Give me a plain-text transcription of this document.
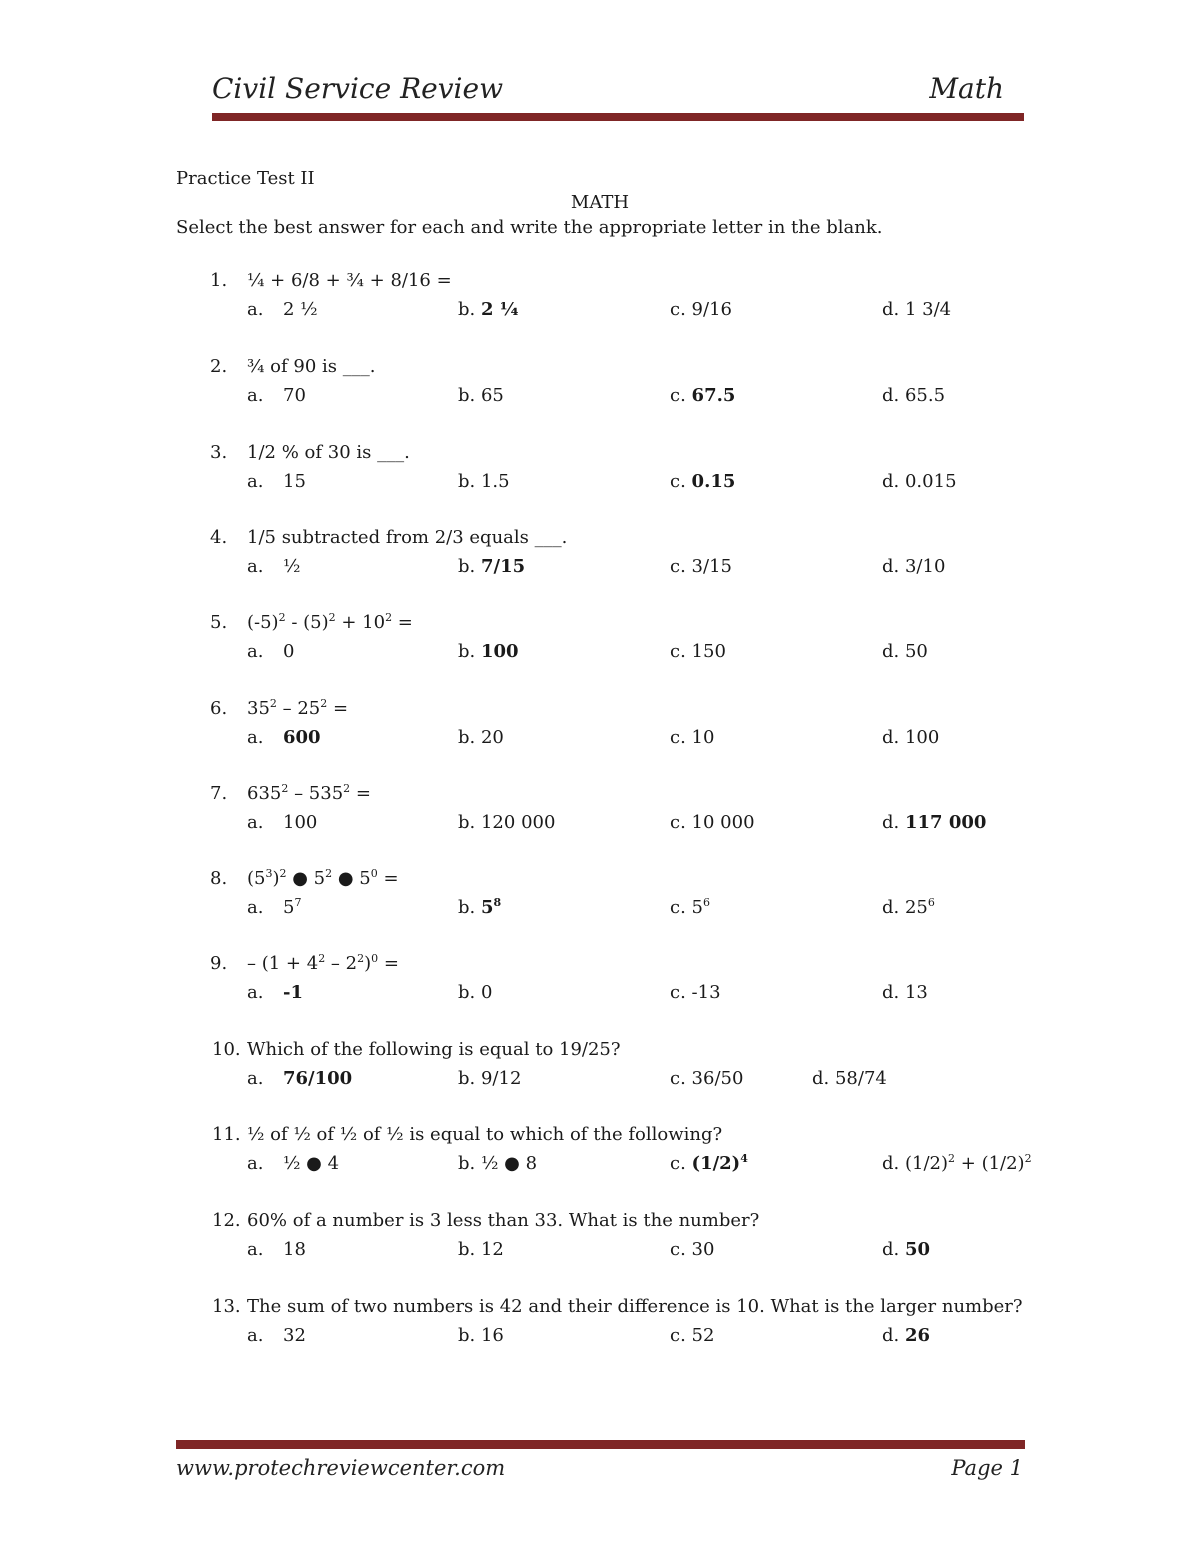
Civil Service Review	Math
Practice Test II
MATH
Select the best answer for each and write the appropriate letter in the blank.
1. ¼ + 6/8 + ¾ + 8/16 =
a. 2 ½	b. 2 ¼	c. 9/16	d. 1 3/4
2. ¾ of 90 is ___.
a. 70	b. 65	c. 67.5	d. 65.5
3. 1/2 % of 30 is ___.
a. 15	b. 1.5	c. 0.15	d. 0.015
4. 1/5 subtracted from 2/3 equals ___.
a. ½	b. 7/15	c. 3/15	d. 3/10
5. $(-5)^2 - (5)^2 + 10^2$ =
a. 0	b. 100	c. 150	d. 50
6. $35^2 - 25^2$ =
a. 600	b. 20	c. 10	d. 100
7. $635^2 - 535^2$ =
a. 100	b. 120 000	c. 10 000	d. 117 000
8. $(5^3)^2$ ● $5^2$ ● $5^0$ =
a. $5^7$	b. $5^8$	c. $5^6$	d. $25^6$
9. – $(1 + 4^2 - 2^2)^0$ =
a. -1	b. 0	c. -13	d. 13
10. Which of the following is equal to 19/25?
a. 76/100	b. 9/12	c. 36/50	d. 58/74
11. ½ of ½ of ½ of ½ is equal to which of the following?
a. ½ ● 4	b. ½ ● 8	c. $(1/2)^4$	d. $(1/2)^2 + (1/2)^2$
12. 60% of a number is 3 less than 33. What is the number?
a. 18	b. 12	c. 30	d. 50
13. The sum of two numbers is 42 and their difference is 10. What is the larger number?
a. 32	b. 16	c. 52	d. 26
www.protechreviewcenter.com	Page 1
